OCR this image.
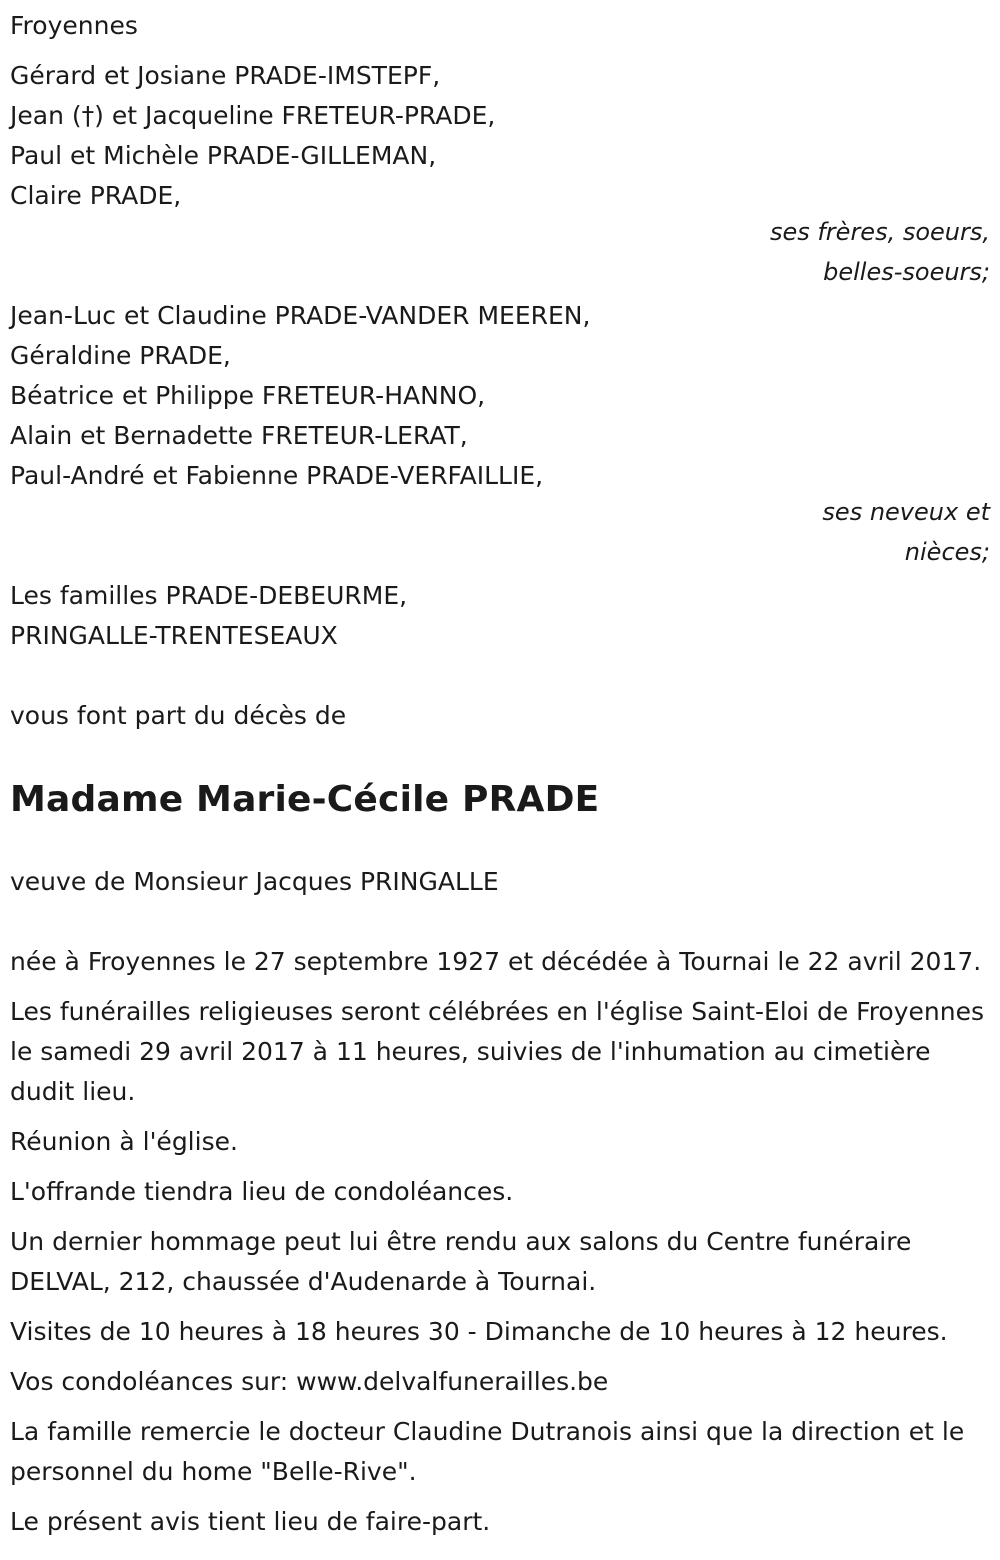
Froyennes
Gérard et Josiane PRADE-IMSTEPF,
Jean (†) et Jacqueline FRETEUR-PRADE,
Paul et Michèle PRADE-GILLEMAN,
Claire PRADE,
ses frères, soeurs,
belles-soeurs;
Jean-Luc et Claudine PRADE-VANDER MEEREN,
Géraldine PRADE,
Béatrice et Philippe FRETEUR-HANNO,
Alain et Bernadette FRETEUR-LERAT,
Paul-André et Fabienne PRADE-VERFAILLIE,
ses neveux et
nièces;
Les familles PRADE-DEBEURME,
PRINGALLE-TRENTESEAUX
vous font part du décès de
Madame Marie-Cécile PRADE
veuve de Monsieur Jacques PRINGALLE
née à Froyennes le 27 septembre 1927 et décédée à Tournai le 22 avril 2017.
Les funérailles religieuses seront célébrées en l'église Saint-Eloi de Froyennes le samedi 29 avril 2017 à 11 heures, suivies de l'inhumation au cimetière dudit lieu.
Réunion à l'église.
L'offrande tiendra lieu de condoléances.
Un dernier hommage peut lui être rendu aux salons du Centre funéraire DELVAL, 212, chaussée d'Audenarde à Tournai.
Visites de 10 heures à 18 heures 30 - Dimanche de 10 heures à 12 heures.
Vos condoléances sur: www.delvalfunerailles.be
La famille remercie le docteur Claudine Dutranois ainsi que la direction et le personnel du home "Belle-Rive".
Le présent avis tient lieu de faire-part.
